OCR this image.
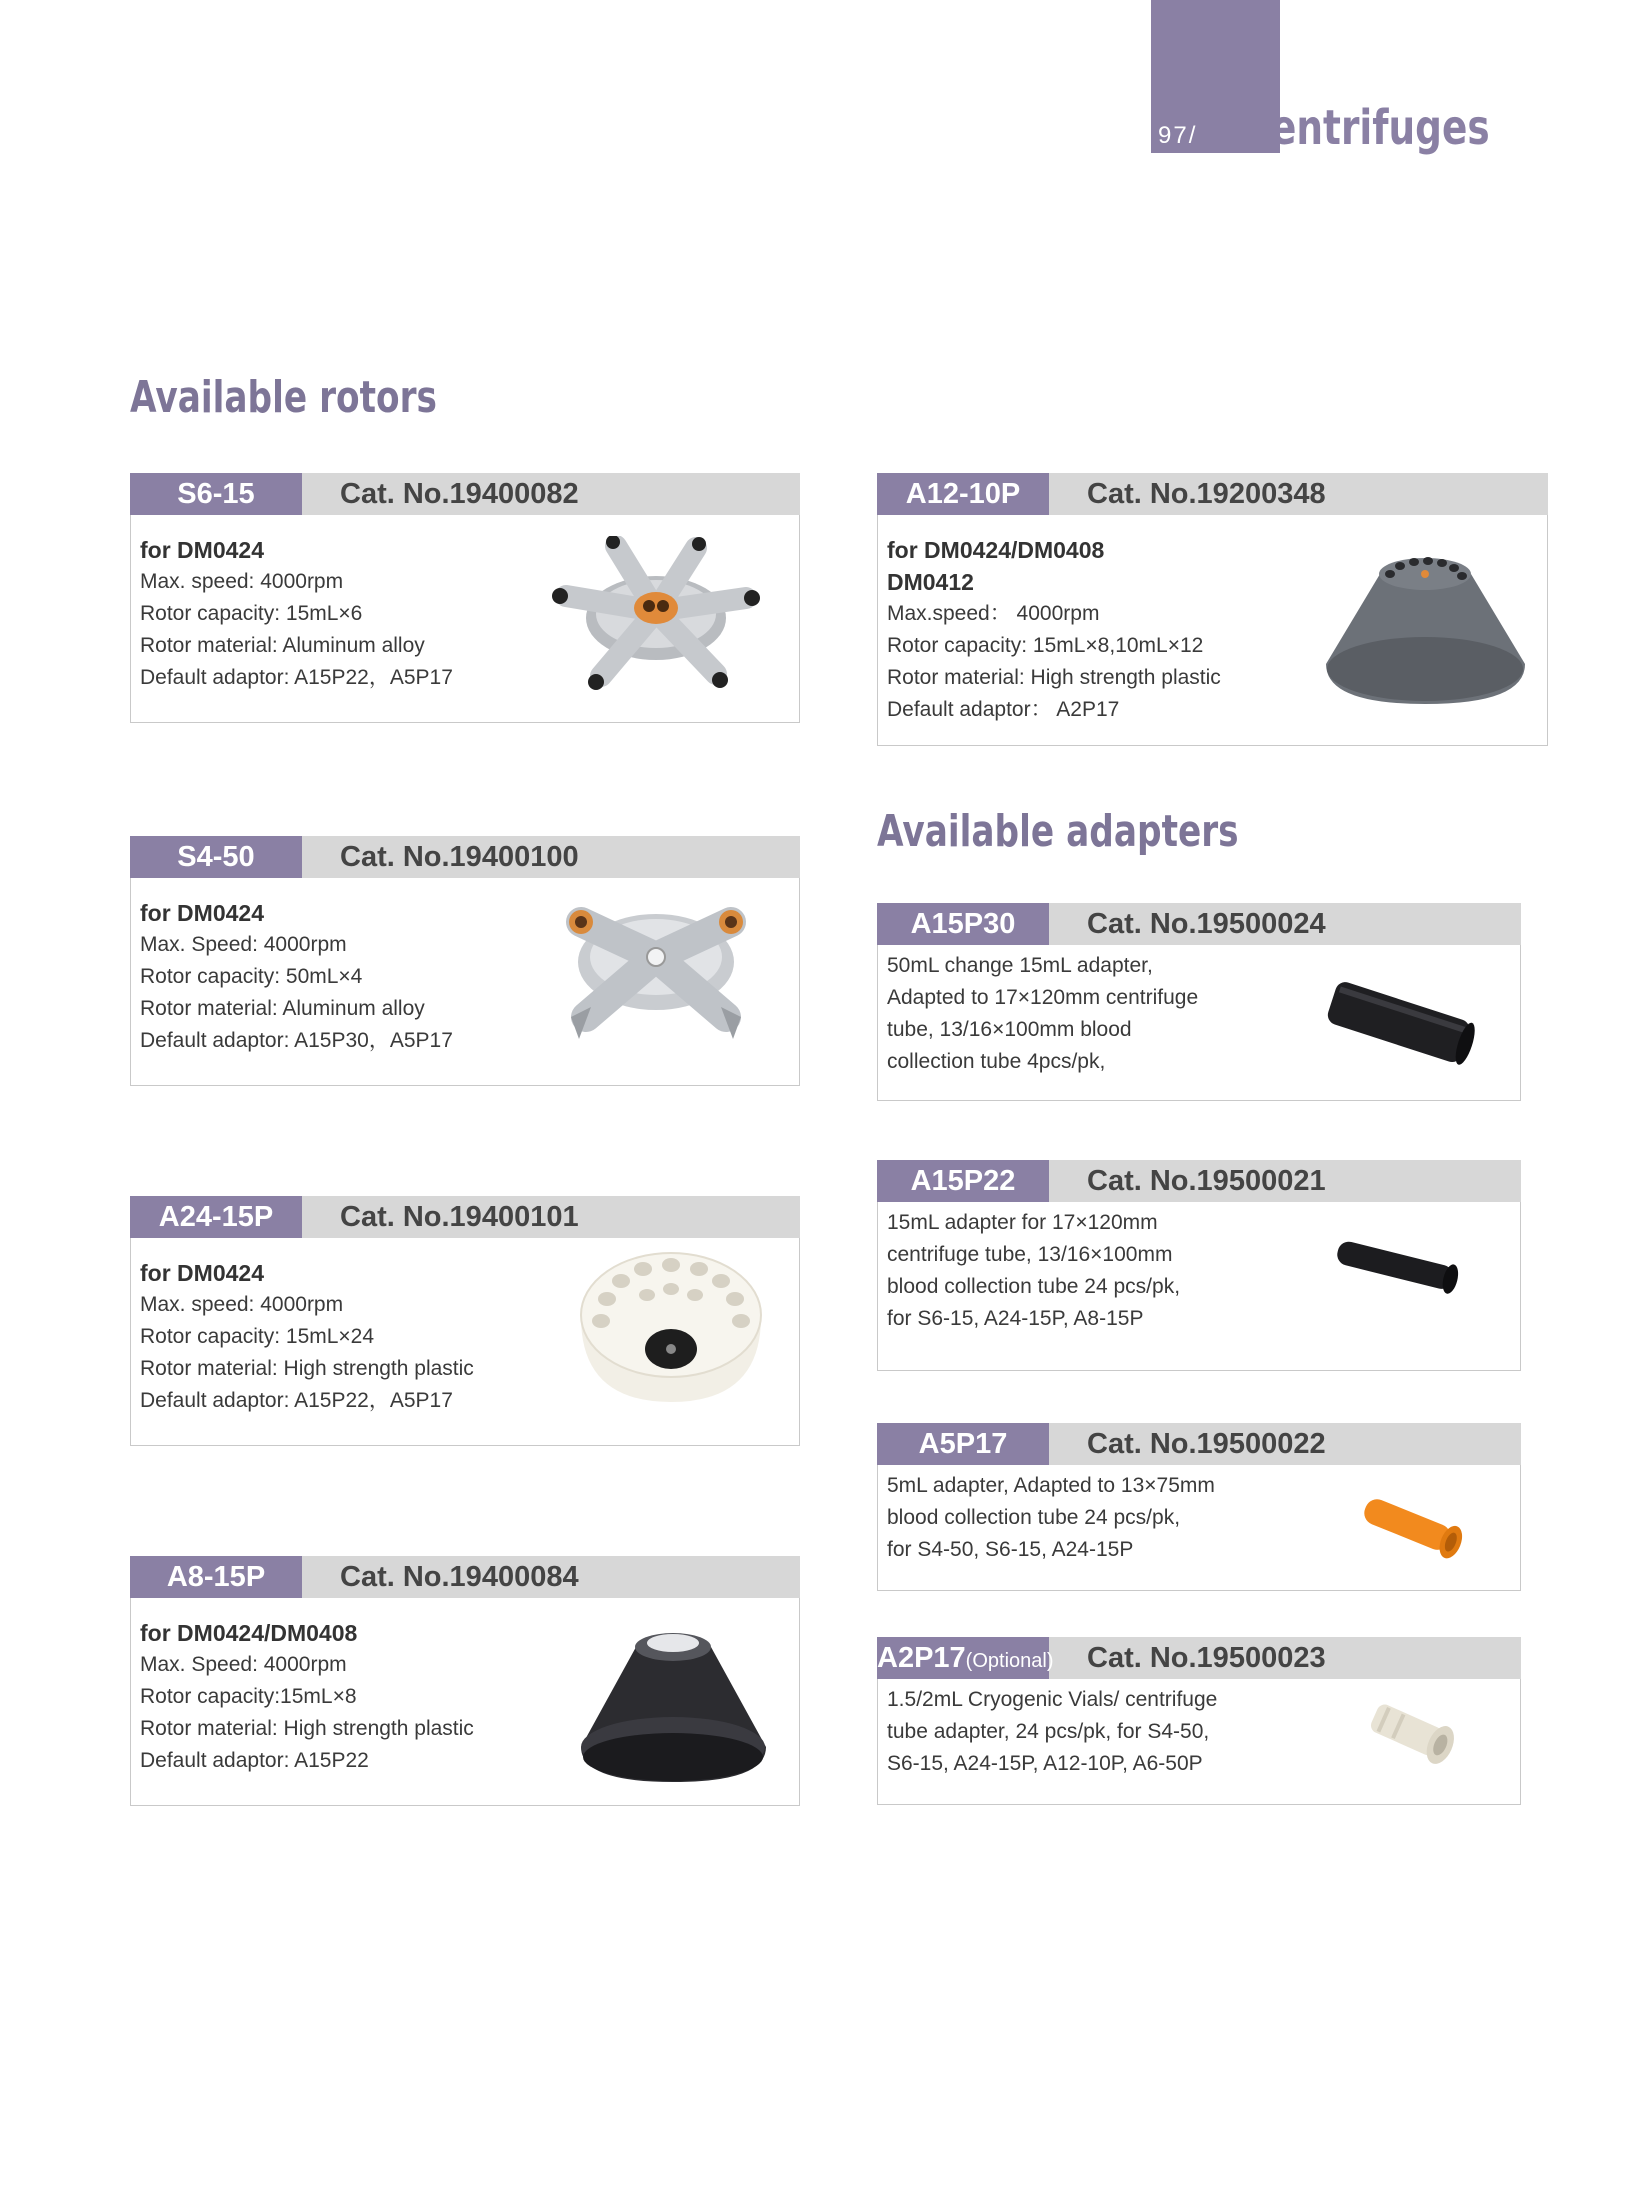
97/ Centrifuges
Available rotors
Available adapters
S6-15	Cat. No.19400082
for DM0424
Max. speed: 4000rpm
Rotor capacity: 15mL×6
Rotor material: Aluminum alloy
Default adaptor: A15P22，A5P17
S4-50	Cat. No.19400100
for DM0424
Max. Speed: 4000rpm
Rotor capacity: 50mL×4
Rotor material: Aluminum alloy
Default adaptor: A15P30，A5P17
A24-15P	Cat. No.19400101
for DM0424
Max. speed: 4000rpm
Rotor capacity: 15mL×24
Rotor material: High strength plastic
Default adaptor: A15P22，A5P17
A8-15P	Cat. No.19400084
for DM0424/DM0408
Max. Speed: 4000rpm
Rotor capacity:15mL×8
Rotor material: High strength plastic
Default adaptor: A15P22
A12-10P	Cat. No.19200348
for DM0424/DM0408
DM0412
Max.speed： 4000rpm
Rotor capacity: 15mL×8,10mL×12
Rotor material: High strength plastic
Default adaptor： A2P17
A15P30	Cat. No.19500024
50mL change 15mL adapter,
Adapted to 17×120mm centrifuge
tube, 13/16×100mm blood
collection tube 4pcs/pk,
A15P22	Cat. No.19500021
15mL adapter for 17×120mm
centrifuge tube, 13/16×100mm
blood collection tube 24 pcs/pk,
for S6-15, A24-15P, A8-15P
A5P17	Cat. No.19500022
5mL adapter, Adapted to 13×75mm
blood collection tube 24 pcs/pk,
for S4-50, S6-15, A24-15P
A2P17(Optional) Cat. No.19500023
1.5/2mL Cryogenic Vials/ centrifuge
tube adapter, 24 pcs/pk, for S4-50,
S6-15, A24-15P, A12-10P, A6-50P
